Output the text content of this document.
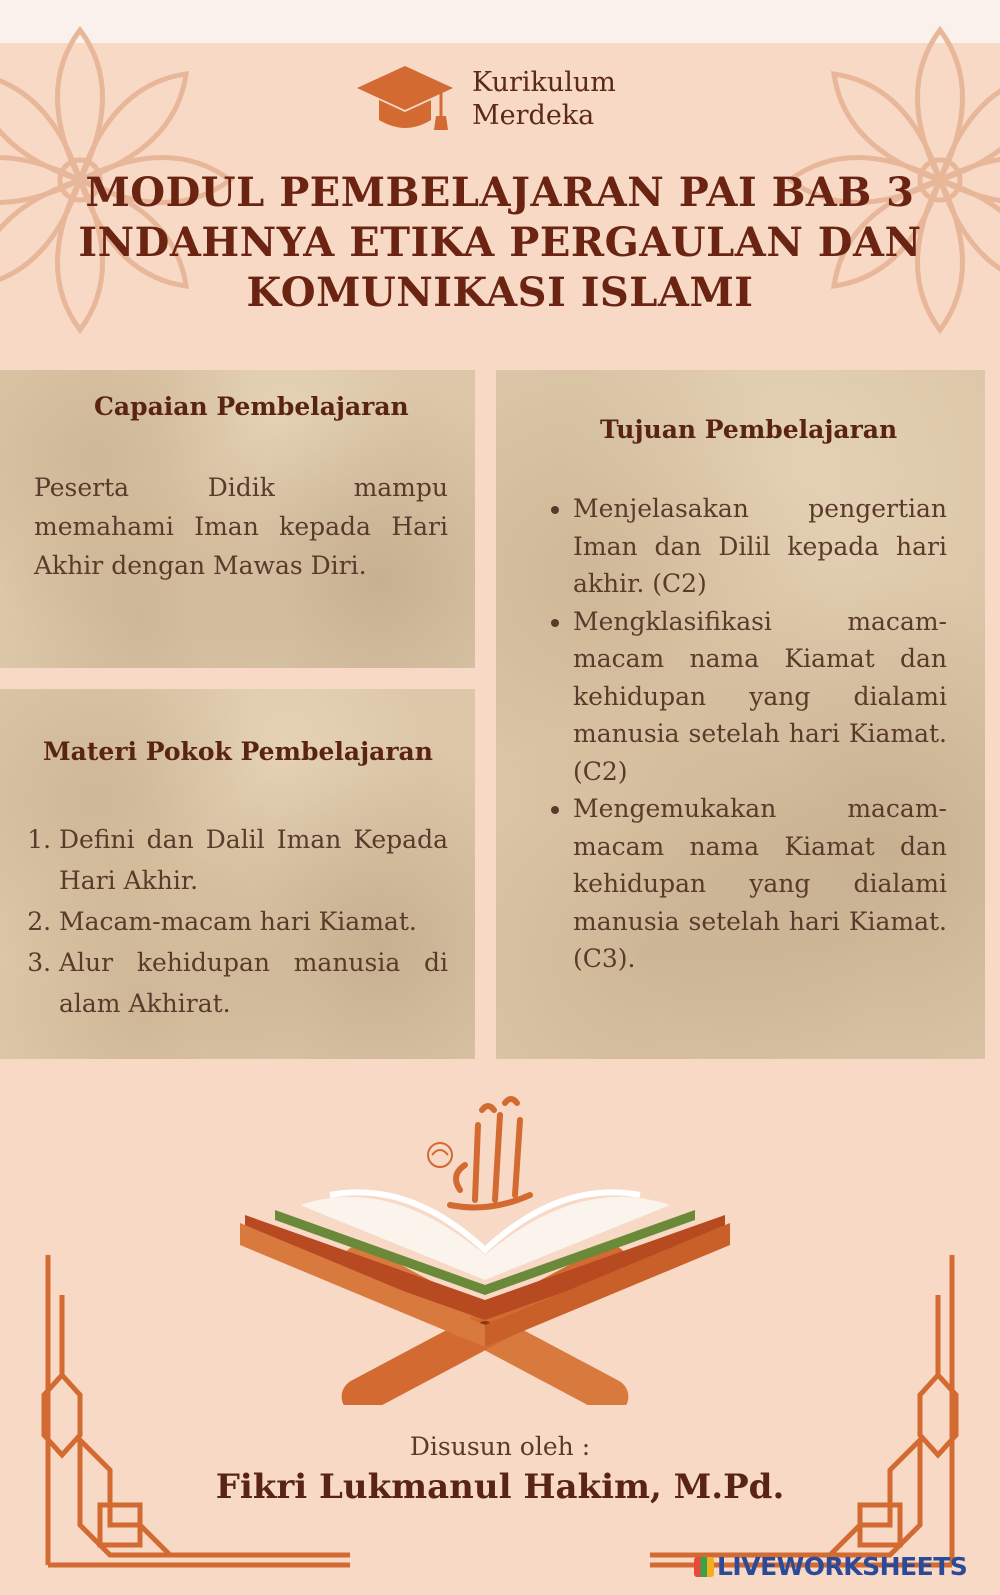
Kurikulum
Merdeka
MODUL PEMBELAJARAN PAI BAB 3
INDAHNYA ETIKA PERGAULAN DAN
KOMUNIKASI ISLAMI
Capaian Pembelajaran
Peserta Didik mampu memahami Iman kepada Hari Akhir dengan Mawas Diri.
Materi Pokok Pembelajaran
1. Defini dan Dalil Iman Kepada Hari Akhir.
2. Macam-macam hari Kiamat.
3. Alur kehidupan manusia di alam Akhirat.
Tujuan Pembelajaran
• Menjelasakan pengertian Iman dan Dilil kepada hari akhir. (C2)
• Mengklasifikasi macam-macam nama Kiamat dan kehidupan yang dialami manusia setelah hari Kiamat. (C2)
• Mengemukakan macam-macam nama Kiamat dan kehidupan yang dialami manusia setelah hari Kiamat. (C3).
Disusun oleh :
Fikri Lukmanul Hakim, M.Pd.
LIVEWORKSHEETS
